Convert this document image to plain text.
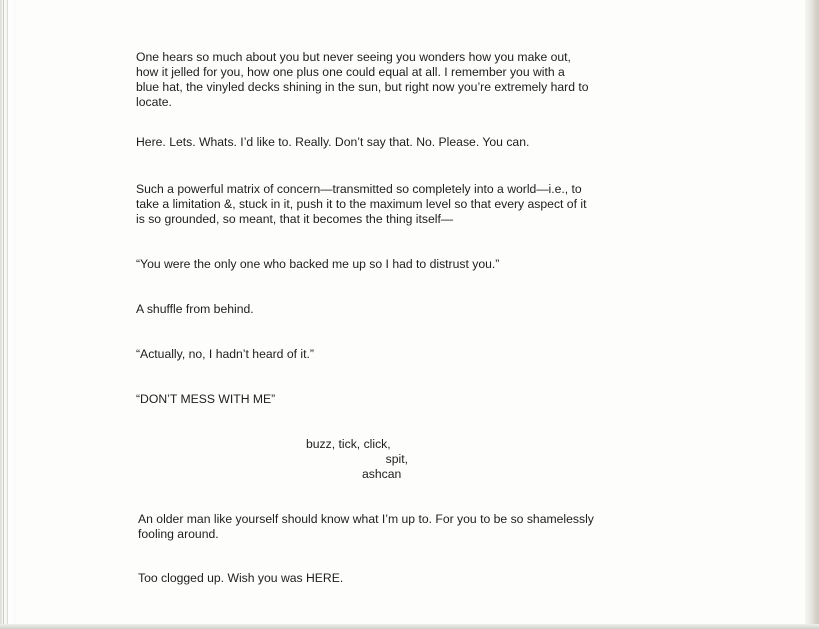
One hears so much about you but never seeing you wonders how you make out,
how it jelled for you, how one plus one could equal at all. I remember you with a
blue hat, the vinyled decks shining in the sun, but right now you’re extremely hard to
locate.

Here. Lets. Whats. I’d like to. Really. Don’t say that. No. Please. You can.

Such a powerful matrix of concern—transmitted so completely into a world—i.e., to
take a limitation &, stuck in it, push it to the maximum level so that every aspect of it
is so grounded, so meant, that it becomes the thing itself—

“You were the only one who backed me up so I had to distrust you.”

A shuffle from behind.

“Actually, no, I hadn’t heard of it.”

“DON’T MESS WITH ME”

buzz, tick, click,
spit,
ashcan

An older man like yourself should know what I’m up to. For you to be so shamelessly
fooling around.

Too clogged up. Wish you was HERE.
